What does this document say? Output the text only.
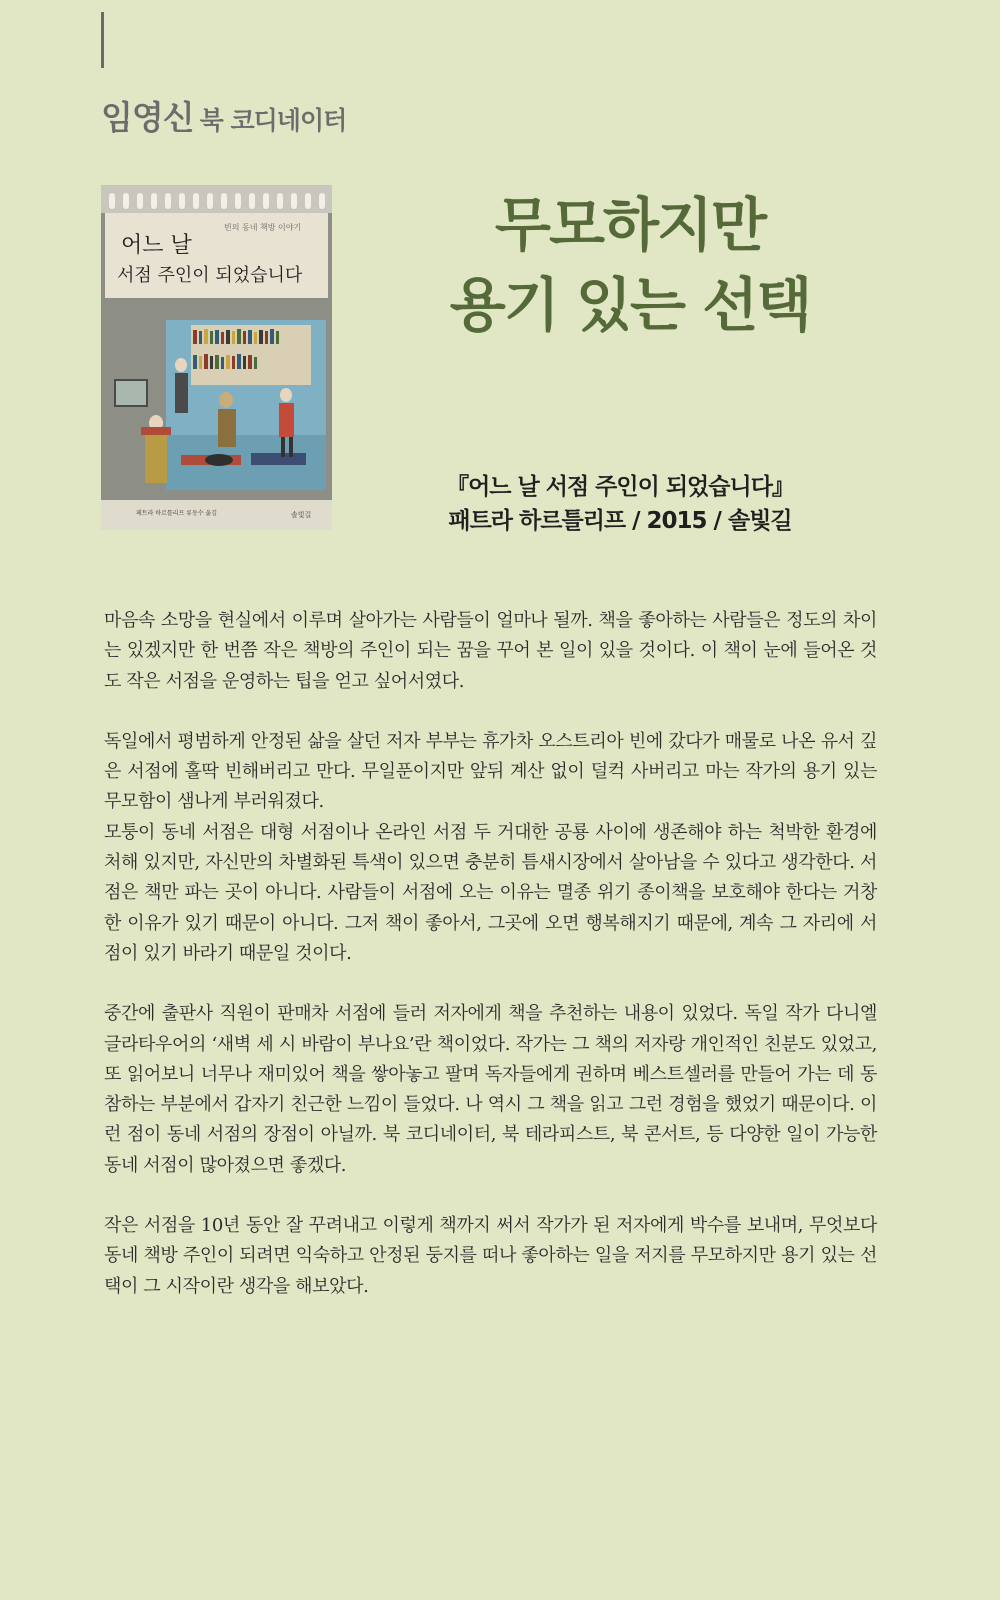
임영신 북 코디네이터
빈의 동네 책방 이야기
어느 날
서점 주인이 되었습니다
페트라 하르틀리프 류동수 옮김	솔빛길
무모하지만
용기 있는 선택
『어느 날 서점 주인이 되었습니다』
패트라 하르틀리프 / 2015 / 솔빛길

마음속 소망을 현실에서 이루며 살아가는 사람들이 얼마나 될까. 책을 좋아하는 사람들은 정도의 차이는 있겠지만 한 번쯤 작은 책방의 주인이 되는 꿈을 꾸어 본 일이 있을 것이다. 이 책이 눈에 들어온 것도 작은 서점을 운영하는 팁을 얻고 싶어서였다.

독일에서 평범하게 안정된 삶을 살던 저자 부부는 휴가차 오스트리아 빈에 갔다가 매물로 나온 유서 깊은 서점에 홀딱 빈해버리고 만다. 무일푼이지만 앞뒤 계산 없이 덜컥 사버리고 마는 작가의 용기 있는 무모함이 샘나게 부러워졌다.

모퉁이 동네 서점은 대형 서점이나 온라인 서점 두 거대한 공룡 사이에 생존해야 하는 척박한 환경에 처해 있지만, 자신만의 차별화된 특색이 있으면 충분히 틈새시장에서 살아남을 수 있다고 생각한다. 서점은 책만 파는 곳이 아니다. 사람들이 서점에 오는 이유는 멸종 위기 종이책을 보호해야 한다는 거창한 이유가 있기 때문이 아니다. 그저 책이 좋아서, 그곳에 오면 행복해지기 때문에, 계속 그 자리에 서점이 있기 바라기 때문일 것이다.

중간에 출판사 직원이 판매차 서점에 들러 저자에게 책을 추천하는 내용이 있었다. 독일 작가 다니엘 글라타우어의 ‘새벽 세 시 바람이 부나요’란 책이었다. 작가는 그 책의 저자랑 개인적인 친분도 있었고, 또 읽어보니 너무나 재미있어 책을 쌓아놓고 팔며 독자들에게 권하며 베스트셀러를 만들어 가는 데 동참하는 부분에서 갑자기 친근한 느낌이 들었다. 나 역시 그 책을 읽고 그런 경험을 했었기 때문이다. 이런 점이 동네 서점의 장점이 아닐까. 북 코디네이터, 북 테라피스트, 북 콘서트, 등 다양한 일이 가능한 동네 서점이 많아졌으면 좋겠다.

작은 서점을 10년 동안 잘 꾸려내고 이렇게 책까지 써서 작가가 된 저자에게 박수를 보내며, 무엇보다 동네 책방 주인이 되려면 익숙하고 안정된 둥지를 떠나 좋아하는 일을 저지를 무모하지만 용기 있는 선택이 그 시작이란 생각을 해보았다.
